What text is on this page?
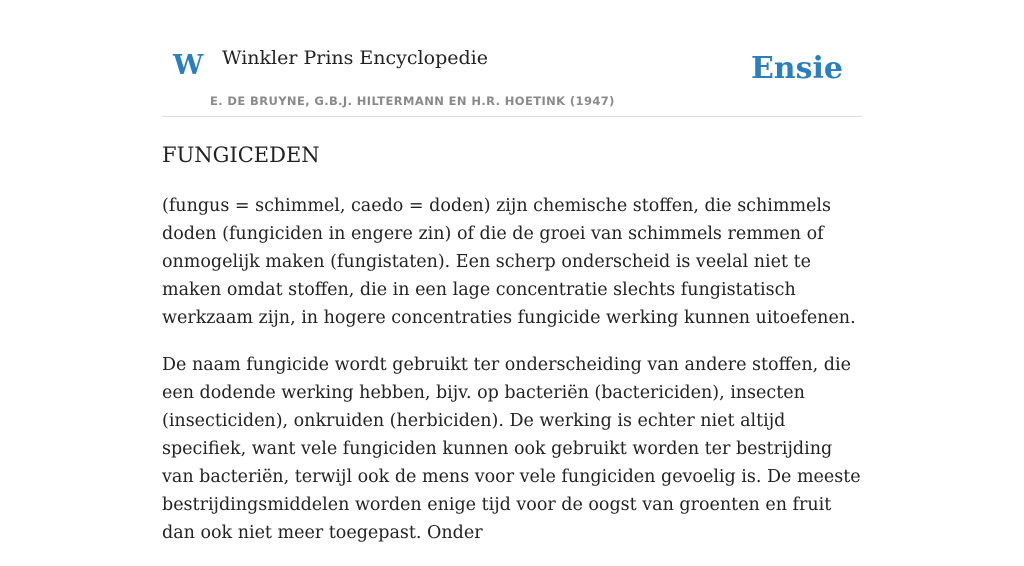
W Winkler Prins Encyclopedie
E. DE BRUYNE, G.B.J. HILTERMANN EN H.R. HOETINK (1947)
Ensie
FUNGICEDEN

(fungus = schimmel, caedo = doden) zijn chemische stoffen, die schimmels doden (fungiciden in engere zin) of die de groei van schimmels remmen of onmogelijk maken (fungistaten). Een scherp onderscheid is veelal niet te maken omdat stoffen, die in een lage concentratie slechts fungistatisch werkzaam zijn, in hogere concentraties fungicide werking kunnen uitoefenen.

De naam fungicide wordt gebruikt ter onderscheiding van andere stoffen, die een dodende werking hebben, bijv. op bacteriën (bactericiden), insecten (insecticiden), onkruiden (herbiciden). De werking is echter niet altijd specifiek, want vele fungiciden kunnen ook gebruikt worden ter bestrijding van bacteriën, terwijl ook de mens voor vele fungiciden gevoelig is. De meeste bestrijdingsmiddelen worden enige tijd voor de oogst van groenten en fruit dan ook niet meer toegepast. Onder
